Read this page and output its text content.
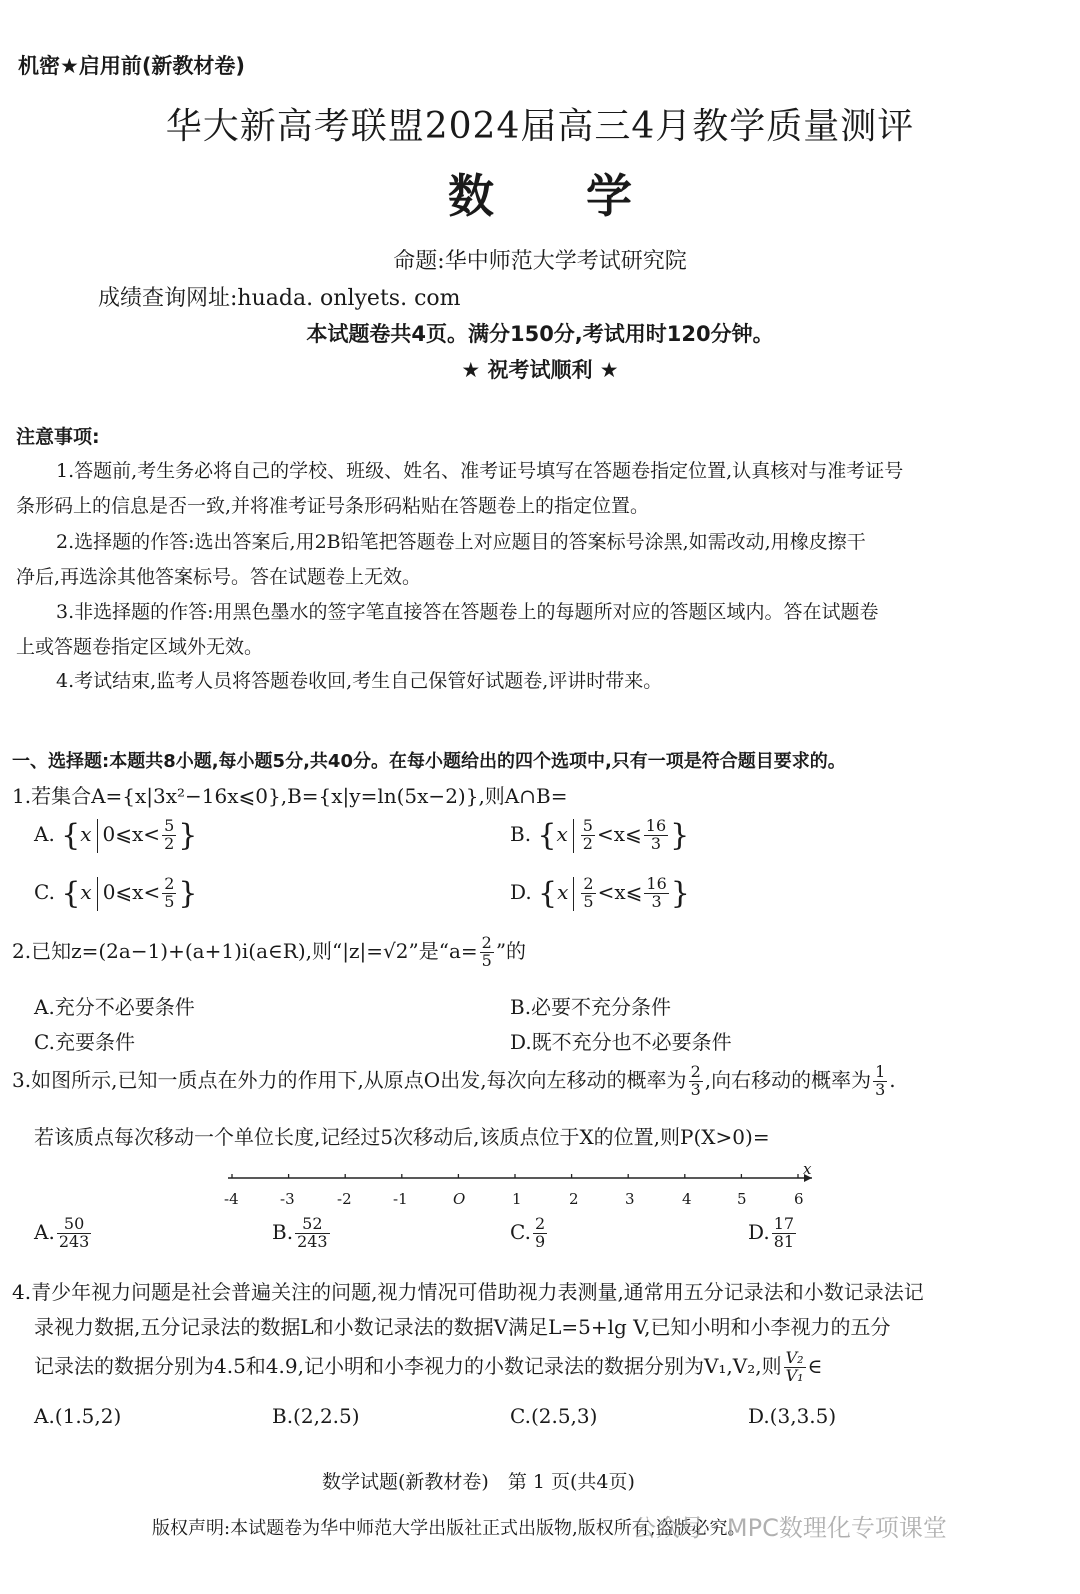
机密★启用前(新教材卷)
华大新高考联盟2024届高三4月教学质量测评
数　　学
命题:华中师范大学考试研究院
成绩查询网址:huada. onlyets. com
本试题卷共4页。满分150分,考试用时120分钟。
★ 祝考试顺利 ★
注意事项:
1.答题前,考生务必将自己的学校、班级、姓名、准考证号填写在答题卷指定位置,认真核对与准考证号
条形码上的信息是否一致,并将准考证号条形码粘贴在答题卷上的指定位置。
2.选择题的作答:选出答案后,用2B铅笔把答题卷上对应题目的答案标号涂黑,如需改动,用橡皮擦干
净后,再选涂其他答案标号。答在试题卷上无效。
3.非选择题的作答:用黑色墨水的签字笔直接答在答题卷上的每题所对应的答题区域内。答在试题卷
上或答题卷指定区域外无效。
4.考试结束,监考人员将答题卷收回,考生自己保管好试题卷,评讲时带来。
一、选择题:本题共8小题,每小题5分,共40分。在每小题给出的四个选项中,只有一项是符合题目要求的。
1.若集合A={x|3x²−16x⩽0},B={x|y=ln(5x−2)},则A∩B=
A. {x 0⩽x< $\frac{5}{2}$ }	B. {$x \frac{5}{2}$ <x⩽ $\frac{16}{3}$ }
C. {x 0⩽x< $\frac{2}{5}$ }	D. {$x \frac{2}{5}$ <x⩽ $\frac{16}{3}$ }
2.已知z=(2a−1)+(a+1)i(a∈R),则“|z|=√2”是“$a= \frac{2}{5}$ ”的
A.充分不必要条件	B.必要不充分条件
C.充要条件	D.既不充分也不必要条件
3.如图所示,已知一质点在外力的作用下,从原点O出发,每次向左移动的概率为 $\frac{2}{3}$ ,向右移动的概率为 $\frac{1}{3}$ .
若该质点每次移动一个单位长度,记经过5次移动后,该质点位于X的位置,则P(X>0)=
x
-4	-3	-2	-1	O	1	2	3	4	5	6
A. $\frac{50}{243}$	B. $\frac{52}{243}$	C. $\frac{2}{9}$	D. $\frac{17}{81}$
4.青少年视力问题是社会普遍关注的问题,视力情况可借助视力表测量,通常用五分记录法和小数记录法记
录视力数据,五分记录法的数据L和小数记录法的数据V满足L=5+lg V,已知小明和小李视力的五分
记录法的数据分别为4.5和4.9,记小明和小李视力的小数记录法的数据分别为V₁,V₂,则 $\frac{\text{V₂}}{\text{V₁}}$ ∈
A.(1.5,2)	B.(2,2.5)	C.(2.5,3)	D.(3,3.5)
数学试题(新教材卷)　第 1 页(共4页)
版权声明:本试题卷为华中师范大学出版社正式出版物,版权所有,盗版必究。
公众号 · MPC数理化专项课堂
